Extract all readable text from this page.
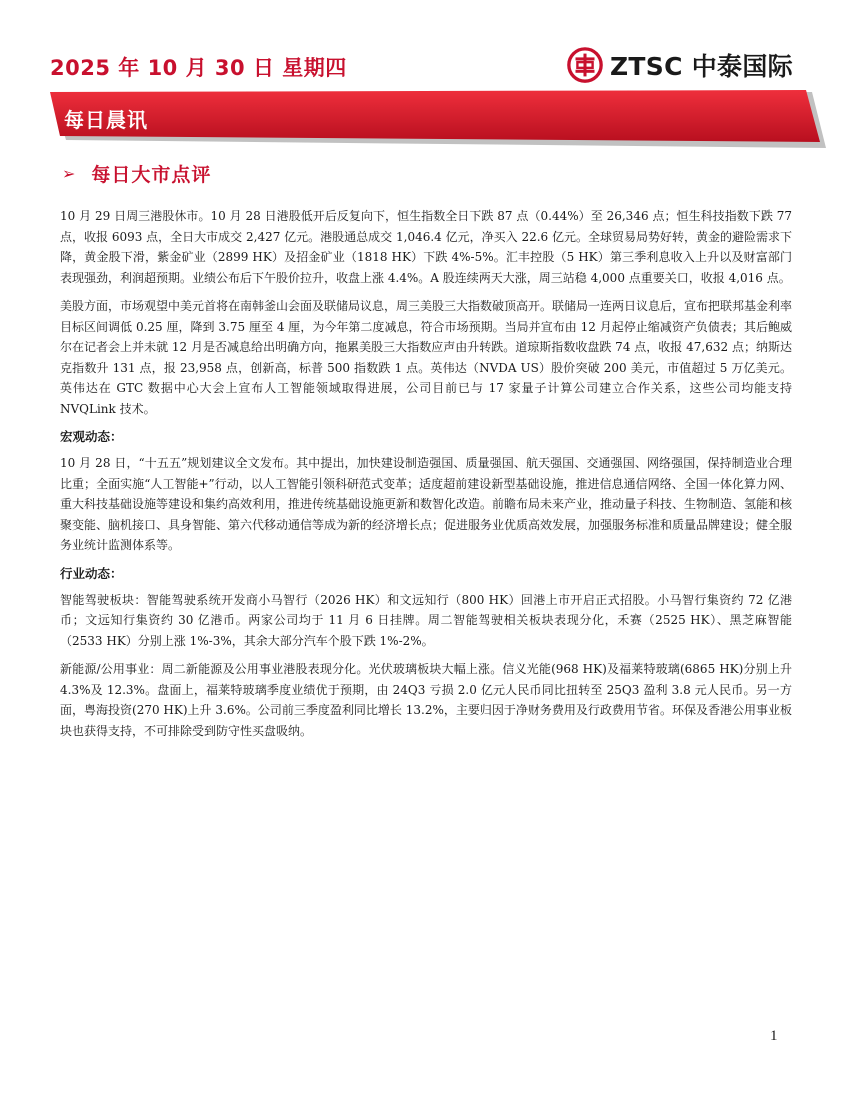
2025 年 10 月 30 日 星期四	ZTSC 中泰国际
每日晨讯
➢ 每日大市点评

10 月 29 日周三港股休市。10 月 28 日港股低开后反复向下，恒生指数全日下跌 87 点（0.44%）至 26,346 点；恒生科技指数下跌 77 点，收报 6093 点，全日大市成交 2,427 亿元。港股通总成交 1,046.4 亿元，净买入 22.6 亿元。全球贸易局势好转，黄金的避险需求下降，黄金股下滑，紫金矿业（2899 HK）及招金矿业（1818 HK）下跌 4%-5%。汇丰控股（5 HK）第三季利息收入上升以及财富部门表现强劲，利润超预期。业绩公布后下午股价拉升，收盘上涨 4.4%。A 股连续两天大涨，周三站稳 4,000 点重要关口，收报 4,016 点。

美股方面，市场观望中美元首将在南韩釜山会面及联储局议息，周三美股三大指数破顶高开。联储局一连两日议息后，宣布把联邦基金利率目标区间调低 0.25 厘，降到 3.75 厘至 4 厘，为今年第二度减息，符合市场预期。当局并宣布由 12 月起停止缩减资产负债表；其后鲍威尔在记者会上并未就 12 月是否减息给出明确方向，拖累美股三大指数应声由升转跌。道琼斯指数收盘跌 74 点，收报 47,632 点；纳斯达克指数升 131 点，报 23,958 点，创新高，标普 500 指数跌 1 点。英伟达（NVDA US）股价突破 200 美元，市值超过 5 万亿美元。英伟达在 GTC 数据中心大会上宣布人工智能领域取得进展，公司目前已与 17 家量子计算公司建立合作关系，这些公司均能支持 NVQLink 技术。

宏观动态：

10 月 28 日，“十五五”规划建议全文发布。其中提出，加快建设制造强国、质量强国、航天强国、交通强国、网络强国，保持制造业合理比重；全面实施“人工智能+”行动，以人工智能引领科研范式变革；适度超前建设新型基础设施，推进信息通信网络、全国一体化算力网、重大科技基础设施等建设和集约高效利用，推进传统基础设施更新和数智化改造。前瞻布局未来产业，推动量子科技、生物制造、氢能和核聚变能、脑机接口、具身智能、第六代移动通信等成为新的经济增长点；促进服务业优质高效发展，加强服务标准和质量品牌建设；健全服务业统计监测体系等。

行业动态：

智能驾驶板块：智能驾驶系统开发商小马智行（2026 HK）和文远知行（800 HK）回港上市开启正式招股。小马智行集资约 72 亿港币；文远知行集资约 30 亿港币。两家公司均于 11 月 6 日挂牌。周二智能驾驶相关板块表现分化，禾赛（2525 HK）、黑芝麻智能（2533 HK）分别上涨 1%-3%，其余大部分汽车个股下跌 1%-2%。

新能源/公用事业：周二新能源及公用事业港股表现分化。光伏玻璃板块大幅上涨。信义光能(968 HK)及福莱特玻璃(6865 HK)分别上升 4.3%及 12.3%。盘面上，福莱特玻璃季度业绩优于预期，由 24Q3 亏损 2.0 亿元人民币同比扭转至 25Q3 盈利 3.8 元人民币。另一方面，粤海投资(270 HK)上升 3.6%。公司前三季度盈利同比增长 13.2%，主要归因于净财务费用及行政费用节省。环保及香港公用事业板块也获得支持，不可排除受到防守性买盘吸纳。

1
